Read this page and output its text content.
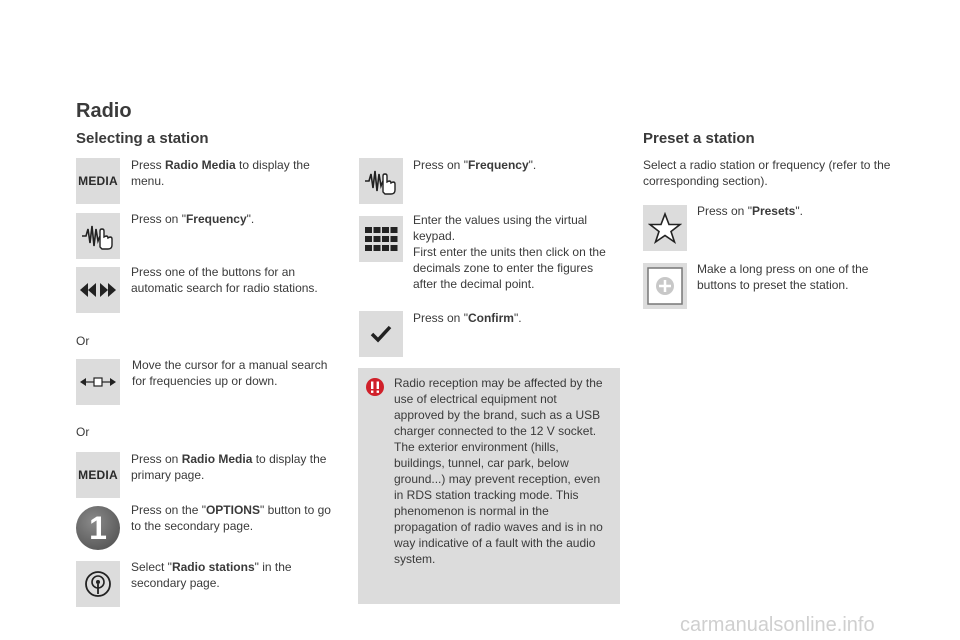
Radio
Selecting a station
MEDIA
Press Radio Media to display the menu.
Press on "Frequency".
Press one of the buttons for an automatic search for radio stations.
Or
Move the cursor for a manual search for frequencies up or down.
Or
MEDIA
Press on Radio Media to display the primary page.
1	Press on the "OPTIONS" button to go to the secondary page.
Select "Radio stations" in the secondary page.
Press on "Frequency".
Enter the values using the virtual keypad.
First enter the units then click on the decimals zone to enter the figures after the decimal point.
Press on "Confirm".
Radio reception may be affected by the use of electrical equipment not approved by the brand, such as a USB charger connected to the 12 V socket. The exterior environment (hills, buildings, tunnel, car park, below ground...) may prevent reception, even in RDS station tracking mode. This phenomenon is normal in the propagation of radio waves and is in no way indicative of a fault with the audio system.
Preset a station
Select a radio station or frequency (refer to the corresponding section).
Press on "Presets".
Make a long press on one of the buttons to preset the station.
carmanualsonline.info
